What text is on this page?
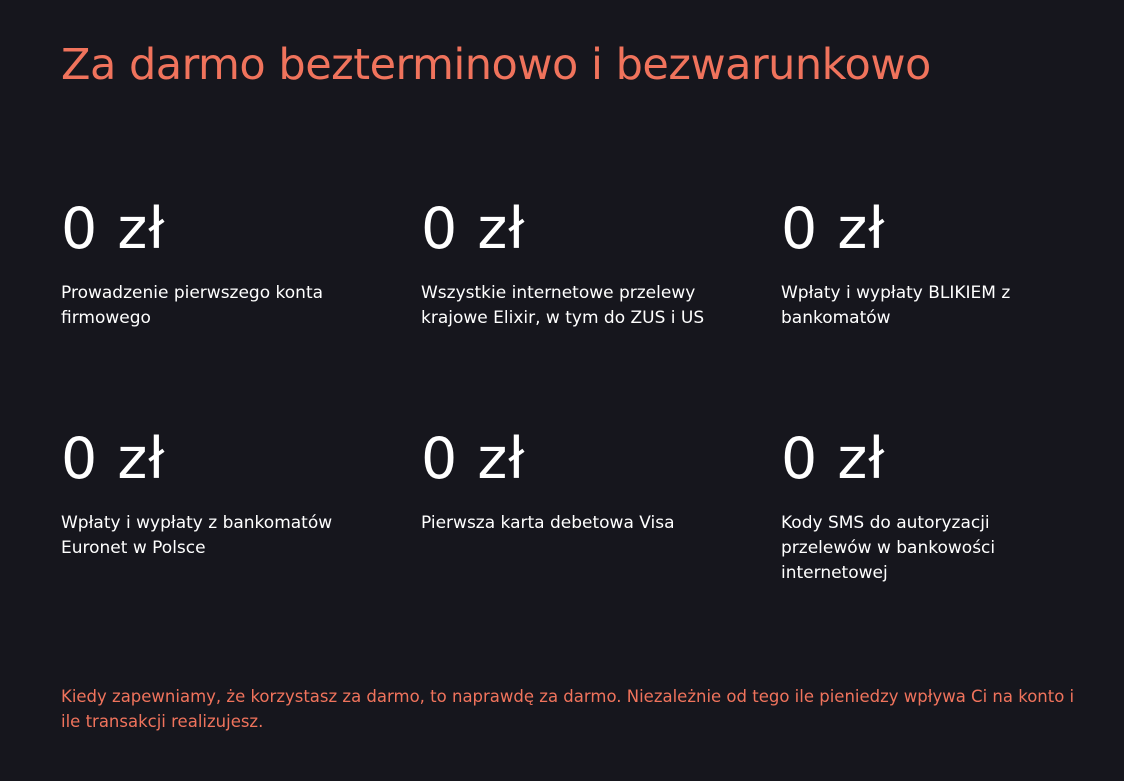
Za darmo bezterminowo i bezwarunkowo
0 zł
Prowadzenie pierwszego konta firmowego
0 zł
Wszystkie internetowe przelewy krajowe Elixir, w tym do ZUS i US
0 zł
Wpłaty i wypłaty BLIKIEM z bankomatów
0 zł
Wpłaty i wypłaty z bankomatów Euronet w Polsce
0 zł
Pierwsza karta debetowa Visa
0 zł
Kody SMS do autoryzacji przelewów w bankowości internetowej

Kiedy zapewniamy, że korzystasz za darmo, to naprawdę za darmo. Niezależnie od tego ile pieniedzy wpływa Ci na konto i ile transakcji realizujesz.
